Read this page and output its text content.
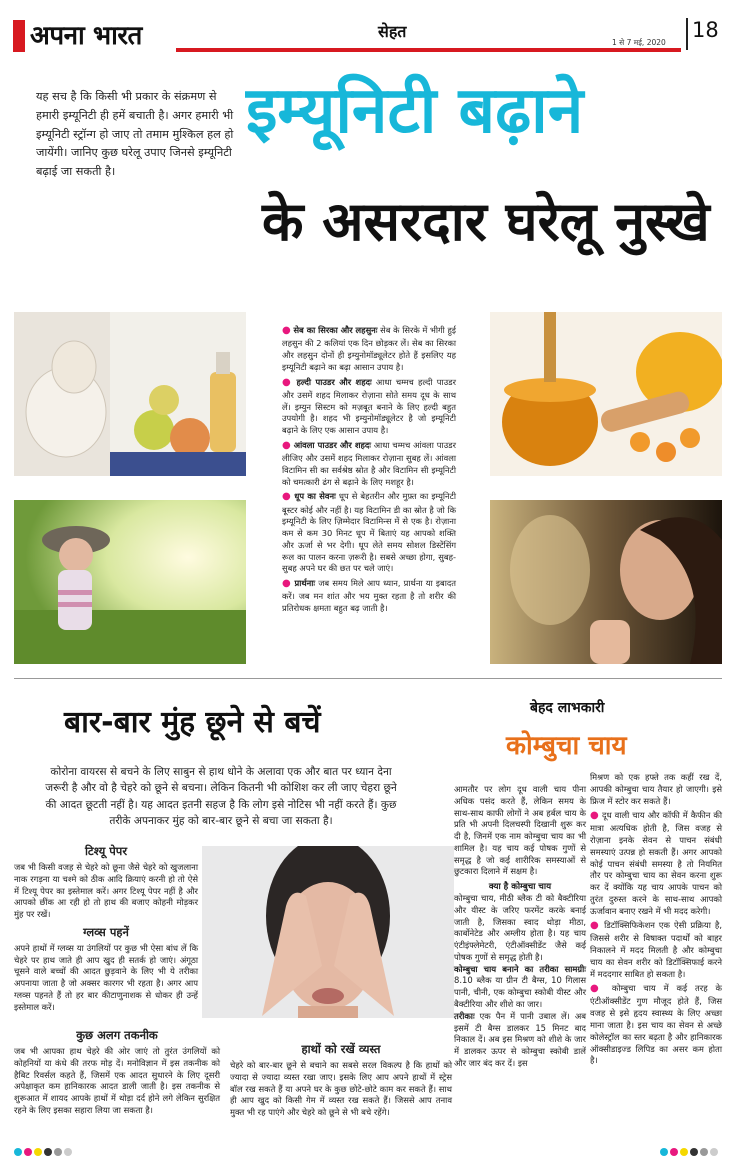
अपना भारत	सेहत
1 से 7 मई, 2020
18
यह सच है कि किसी भी प्रकार के संक्रमण से हमारी इम्यूनिटी ही हमें बचाती है। अगर हमारी भी इम्यूनिटी स्ट्रॉन्ग हो जाए तो तमाम मुश्किल हल हो जायेंगी। जानिए कुछ घरेलू उपाए जिनसे इम्यूनिटी बढ़ाई जा सकती है।
इम्यूनिटी बढ़ाने
के असरदार घरेलू नुस्खे
● सेब का सिरका और लहसुनः सेब के सिरके में भीगी हुई लहसुन की 2 कलियां एक दिन छोड़कर लें। सेब का सिरका और लहसुन दोनों ही इम्युनोमॉड्यूलेटर होते हैं इसलिए यह इम्यूनिटी बढ़ाने का बढ़ा आसान उपाय है।
● हल्दी पाउडर और शहदः आधा चम्मच हल्दी पाउडर और उसमें शहद मिलाकर रोज़ाना सोते समय दूध के साथ लें। इम्युन सिस्टम को मज़बूत बनाने के लिए हल्दी बहुत उपयोगी है। शहद भी इम्युनोमॉड्यूलेटर है जो इम्यूनिटी बढ़ाने के लिए एक आसान उपाय है।
● आंवला पाउडर और शहदः आधा चम्मच आंवला पाउडर लीजिए और उसमें शहद मिलाकर रोज़ाना सुबह लें। आंवला विटामिन सी का सर्वश्रेष्ठ स्रोत है और विटामिन सी इम्यूनिटी को चमत्कारी ढंग से बढ़ाने के लिए मशहूर है।
● धूप का सेवनः धूप से बेहतरीन और मुफ़्त का इम्यूनिटी बूस्टर कोई और नहीं है। यह विटामिन डी का स्रोत है जो कि इम्यूनिटी के लिए ज़िम्मेदार विटामिन्स में से एक है। रोज़ाना कम से कम 30 मिनट धूप में बिताएं यह आपको शक्ति और ऊर्जा से भर देगी। धूप लेते समय सोशल डिस्टेंसिंग रूल का पालन करना ज़रूरी है। सबसे अच्छा होगा, सुबह-सुबह अपने घर की छत पर चले जाएं।
● प्रार्थनाः जब समय मिले आप ध्यान, प्रार्थना या इबादत करें। जब मन शांत और भय मुक्त रहता है तो शरीर की प्रतिरोधक क्षमता बहुत बढ़ जाती है।
बार-बार मुंह छूने से बचें
कोरोना वायरस से बचने के लिए साबुन से हाथ धोने के अलावा एक और बात पर ध्यान देना जरूरी है और वो है चेहरे को छूने से बचना। लेकिन कितनी भी कोशिश कर ली जाए चेहरा छूने की आदत छूटती नहीं है। यह आदत इतनी सहज है कि लोग इसे नोटिस भी नहीं करते हैं। कुछ तरीके अपनाकर मुंह को बार-बार छूने से बचा जा सकता है।
टिश्यू पेपर

जब भी किसी वजह से चेहरे को छूना जैसे चेहरे को खुजलाना नाक रगड़ना या चश्मे को ठीक आदि क्रियाएं करनी हो तो ऐसे में टिश्यू पेपर का इस्तेमाल करें। अगर टिश्यू पेपर नहीं है और आपको छींक आ रही हो तो हाथ की बजाए कोहनी मोड़कर मुंह पर रखें।

ग्लव्स पहनें

अपने हाथों में ग्लव्स या उंगलियों पर कुछ भी ऐसा बांध लें कि चेहरे पर हाथ जाते ही आप खुद ही सतर्क हो जाएं। अंगूठा चूसने वाले बच्चों की आदत छुड़वाने के लिए भी ये तरीका अपनाया जाता है जो अक्सर कारगर भी रहता है। अगर आप ग्लव्स पहनते हैं तो हर बार कीटाणुनाशक से धोकर ही उन्हें इस्तेमाल करें।

कुछ अलग तकनीक

जब भी आपका हाथ चेहरे की ओर जाएं तो तुरंत उंगलियों को कोहनियों या कंधे की तरफ मोड़ दें। मनोविज्ञान में इस तकनीक को हैबिट रिवर्सल कहते हैं, जिसमें एक आदत सुधारने के लिए दूसरी अपेक्षाकृत कम हानिकारक आदत डाली जाती है। इस तकनीक से शुरूआत में शायद आपके हाथों में थोड़ा दर्द होने लगे लेकिन सुरक्षित रहने के लिए इसका सहारा लिया जा सकता है।

हाथों को रखें व्यस्त

चेहरे को बार-बार छूने से बचाने का सबसे सरल विकल्प है कि हाथों को ज्यादा से ज्यादा व्यस्त रखा जाए। इसके लिए आप अपने हाथों में स्ट्रेस बॉल रख सकते हैं या अपने घर के कुछ छोटे-छोटे काम कर सकते हैं। साथ ही आप खुद को किसी गेम में व्यस्त रख सकते हैं। जिससे आप तनाव मुक्त भी रह पाएंगे और चेहरे को छूने से भी बचे रहेंगे।

बेहद लाभकारी
कोम्बुचा चाय

आमतौर पर लोग दूध वाली चाय पीना अधिक पसंद करते हैं, लेकिन समय के साथ-साथ काफी लोगों ने अब हर्बल चाय के प्रति भी अपनी दिलचस्पी दिखानी शुरू कर दी है, जिनमें एक नाम कोम्बुचा चाय का भी शामिल है। यह चाय कई पोषक गुणों से समृद्ध है जो कई शारीरिक समस्याओं से छुटकारा दिलाने में सक्षम है।

क्या है कोम्बुचा चाय

कोम्बुचा चाय, मीठी ब्लैक टी को बैक्टीरिया और यीस्ट के जरिए फरमेंट करके बनाई जाती है, जिसका स्वाद थोड़ा मीठा, कार्बोनेटेड और अम्लीय होता है। यह चाय एंटीइंफ्लेमेटरी, एंटीऑक्सीडेंट जैसे कई पोषक गुणों से समृद्ध होती है।

कोम्बुचा चाय बनाने का तरीका सामग्रीः 8.10 ब्लैक या ग्रीन टी बैग्स, 10 गिलास पानी, चीनी, एक कोम्बुचा स्कोबी यीस्ट और बैक्टीरिया और शीशे का जार।

तरीकाः एक पैन में पानी उबाल लें। अब इसमें टी बैग्स डालकर 15 मिनट बाद निकाल दें। अब इस मिश्रण को शीशे के जार में डालकर ऊपर से कोम्बुचा स्कोबी डालें और जार बंद कर दें। इस

मिश्रण को एक हफ्ते तक कहीं रख दें, आपकी कोम्बुचा चाय तैयार हो जाएगी। इसे फ्रिज में स्टोर कर सकते हैं।

● दूध वाली चाय और कॉफी में कैफीन की मात्रा अत्यधिक होती है, जिस वजह से रोज़ाना इनके सेवन से पाचन संबंधी समस्याएं उत्पन्न हो सकती हैं। अगर आपको कोई पाचन संबंधी समस्या है तो नियमित तौर पर कोम्बुचा चाय का सेवन करना शुरू कर दें क्योंकि यह चाय आपके पाचन को तुरंत दुरुस्त करने के साथ-साथ आपको ऊर्जावान बनाए रखने में भी मदद करेगी।

● डिटॉक्सिफिकेशन एक ऐसी प्रक्रिया है, जिससे शरीर से विषाक्त पदार्थों को बाहर निकालने में मदद मिलती है और कोम्बुचा चाय का सेवन शरीर को डिटॉक्सिफाई करने में मददगार साबित हो सकता है।

● कोम्बुचा चाय में कई तरह के एंटीऑक्सीडेंट गुण मौजूद होते हैं, जिस वजह से इसे हृदय स्वास्थ्य के लिए अच्छा माना जाता है। इस चाय का सेवन से अच्छे कोलेस्ट्रॉल का स्तर बढ़ता है और हानिकारक ऑक्सीडाइज्ड लिपिड का असर कम होता है।
